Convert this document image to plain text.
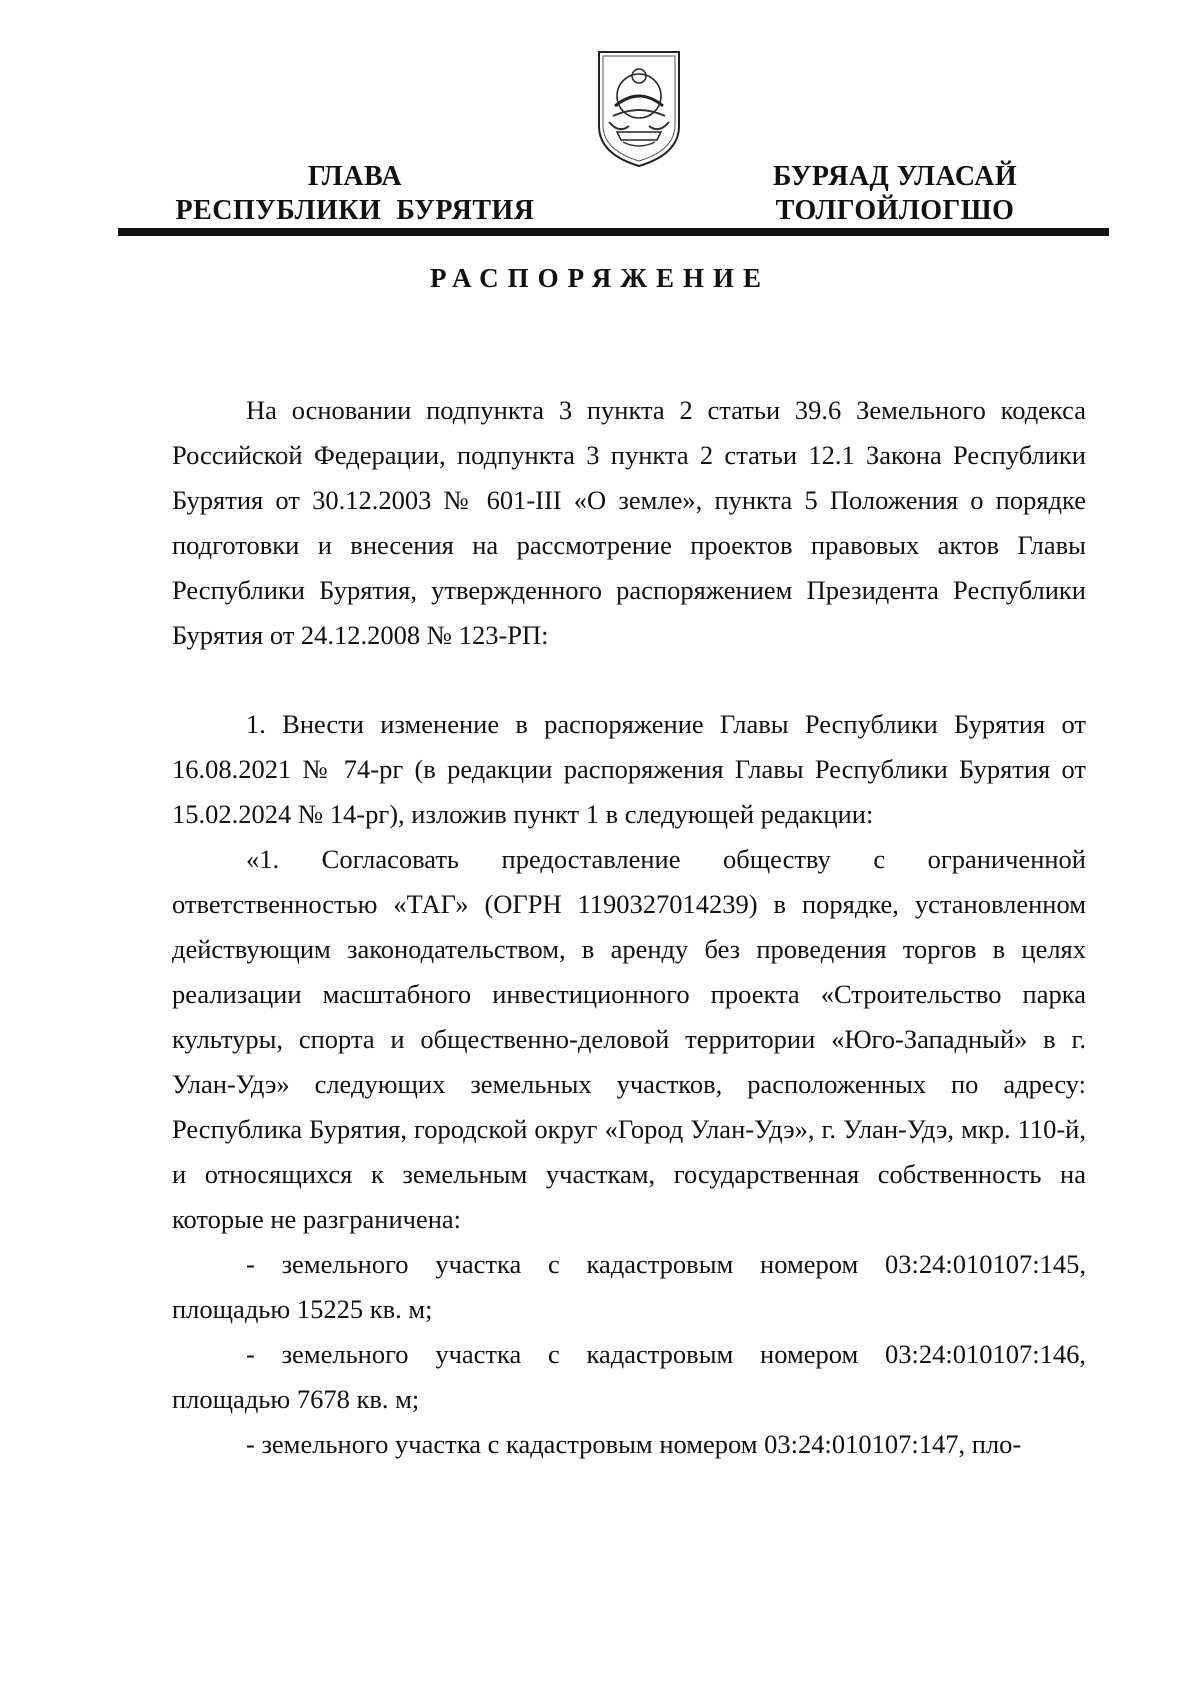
ГЛАВА
РЕСПУБЛИКИ  БУРЯТИЯ
БУРЯАД УЛАСАЙ
ТОЛГОЙЛОГШО
РАСПОРЯЖЕНИЕ

На основании подпункта 3 пункта 2 статьи 39.6 Земельного кодекса Российской Федерации, подпункта 3 пункта 2 статьи 12.1 Закона Республики Бурятия от 30.12.2003 № 601-III «О земле», пункта 5 Положения о порядке подготовки и внесения на рассмотрение проектов правовых актов Главы Республики Бурятия, утвержденного распоряжением Президента Республики Бурятия от 24.12.2008 № 123-РП:

1. Внести изменение в распоряжение Главы Республики Бурятия от 16.08.2021 № 74-рг (в редакции распоряжения Главы Республики Бурятия от 15.02.2024 № 14-рг), изложив пункт 1 в следующей редакции:

«1. Согласовать предоставление обществу с ограниченной ответственностью «ТАГ» (ОГРН 1190327014239) в порядке, установленном действующим законодательством, в аренду без проведения торгов в целях реализации масштабного инвестиционного проекта «Строительство парка культуры, спорта и общественно-деловой территории «Юго-Западный» в г. Улан-Удэ» следующих земельных участков, расположенных по адресу: Республика Бурятия, городской округ «Город Улан-Удэ», г. Улан-Удэ, мкр. 110-й, и относящихся к земельным участкам, государственная собственность на которые не разграничена:

- земельного участка с кадастровым номером 03:24:010107:145, площадью 15225 кв. м;

- земельного участка с кадастровым номером 03:24:010107:146, площадью 7678 кв. м;

- земельного участка с кадастровым номером 03:24:010107:147, пло-
